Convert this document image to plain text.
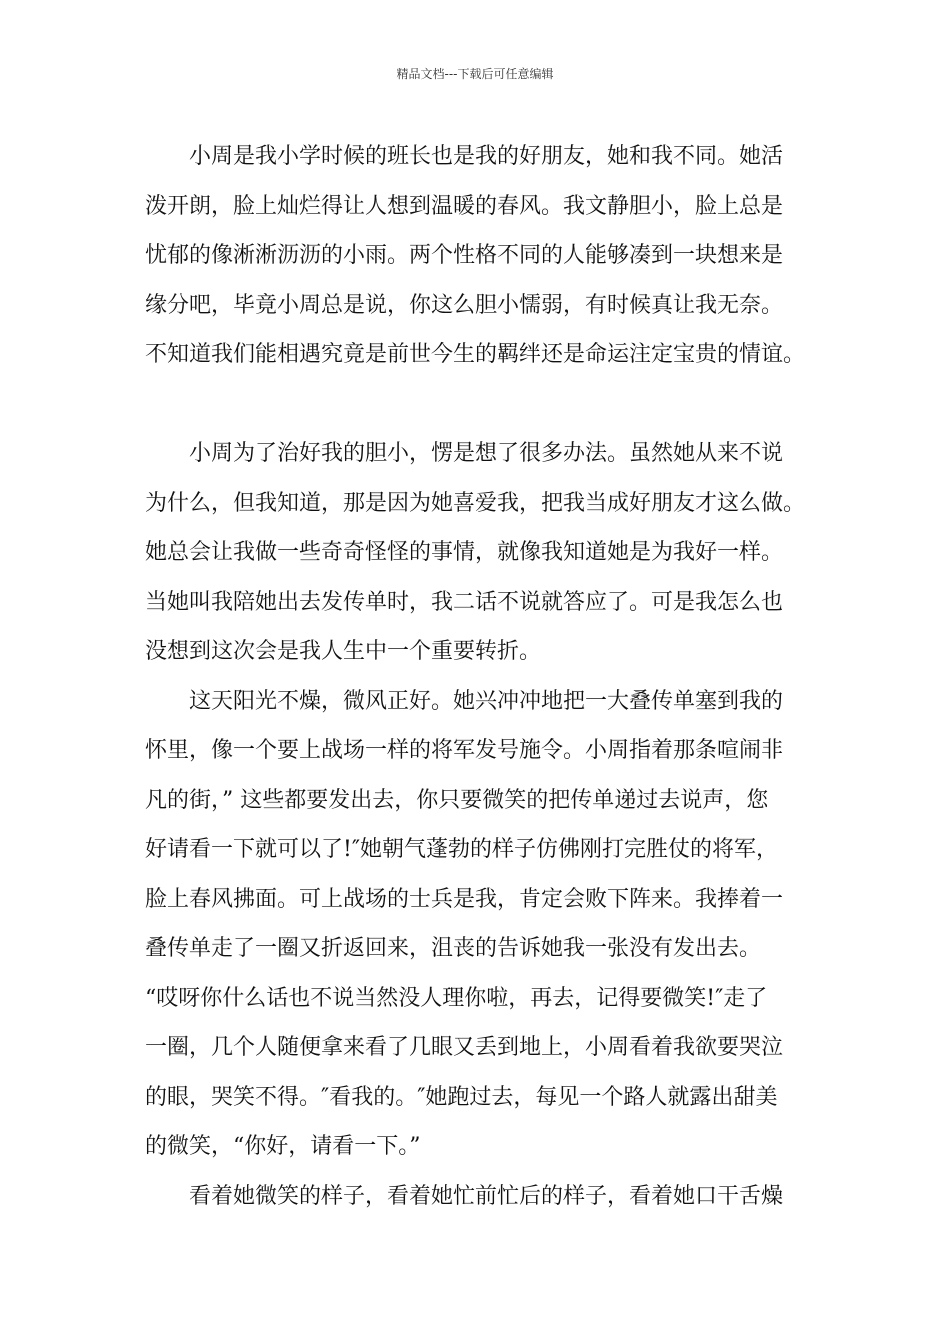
精品文档---下载后可任意编辑
小周是我小学时候的班长也是我的好朋友，她和我不同。她活
泼开朗，脸上灿烂得让人想到温暖的春风。我文静胆小，脸上总是
忧郁的像淅淅沥沥的小雨。两个性格不同的人能够凑到一块想来是
缘分吧，毕竟小周总是说，你这么胆小懦弱，有时候真让我无奈。
不知道我们能相遇究竟是前世今生的羁绊还是命运注定宝贵的情谊。
小周为了治好我的胆小，愣是想了很多办法。虽然她从来不说
为什么，但我知道，那是因为她喜爱我，把我当成好朋友才这么做。
她总会让我做一些奇奇怪怪的事情，就像我知道她是为我好一样。
当她叫我陪她出去发传单时，我二话不说就答应了。可是我怎么也
没想到这次会是我人生中一个重要转折。
这天阳光不燥，微风正好。她兴冲冲地把一大叠传单塞到我的
怀里，像一个要上战场一样的将军发号施令。小周指着那条喧闹非
凡的街，” 这些都要发出去，你只要微笑的把传单递过去说声，您
好请看一下就可以了!″她朝气蓬勃的样子仿佛刚打完胜仗的将军，
脸上春风拂面。可上战场的士兵是我，肯定会败下阵来。我捧着一
叠传单走了一圈又折返回来，沮丧的告诉她我一张没有发出去。
“哎呀你什么话也不说当然没人理你啦，再去，记得要微笑!″走了
一圈，几个人随便拿来看了几眼又丢到地上，小周看着我欲要哭泣
的眼，哭笑不得。″看我的。″她跑过去，每见一个路人就露出甜美
的微笑，“你好，请看一下。”
看着她微笑的样子，看着她忙前忙后的样子，看着她口干舌燥
